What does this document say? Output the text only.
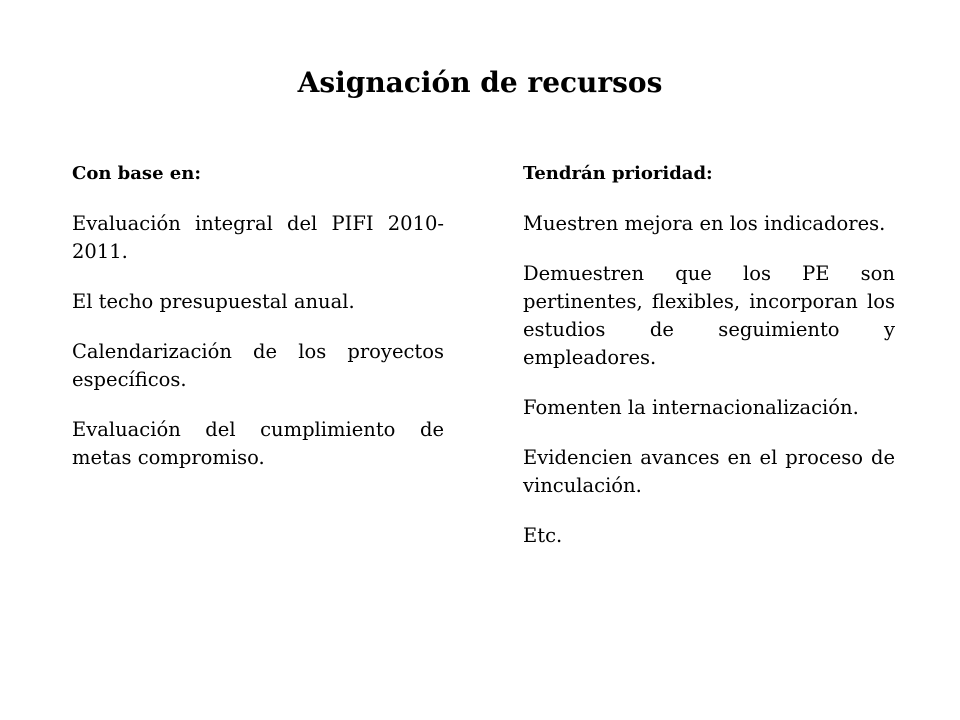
Asignación de recursos
Con base en:
Evaluación integral del PIFI 2010-2011.
El techo presupuestal anual.
Calendarización de los proyectos específicos.
Evaluación del cumplimiento de metas compromiso.
Tendrán prioridad:
Muestren mejora en los indicadores.
Demuestren que los PE son pertinentes, flexibles, incorporan los estudios de seguimiento y empleadores.
Fomenten la internacionalización.
Evidencien avances en el proceso de vinculación.
Etc.
